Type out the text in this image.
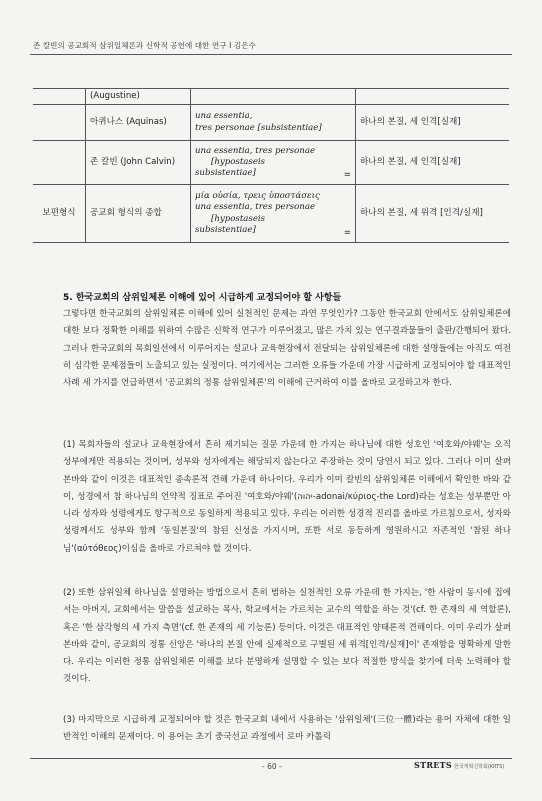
존 칼빈의 공교회적 삼위일체론과 신학적 공헌에 대한 연구 Ⅰ 김은수
	(Augustine)		
	아퀴나스 (Aquinas)	una essentia,
tres personae [subsistentiae]	하나의 본질, 세 인격[실재]
	존 칼빈 (John Calvin)	una essentia, tres personae
[hypostaseis
subsistentiae] =	하나의 본질, 세 인격[실재]
보편형식	공교회 형식의 종합	μία οὐσία, τρεις ὑποστάσεις
una essentia, tres personae
[hypostaseis
subsistentiae] =	하나의 본질, 세 위격 [인격/실재]
5. 한국교회의 삼위일체론 이해에 있어 시급하게 교정되어야 할 사항들

그렇다면 한국교회의 삼위일체론 이해에 있어 실천적인 문제는 과연 무엇인가? 그동안 한국교회 안에서도 삼위일체론에 대한 보다 정확한 이해를 위하여 수많은 신학적 연구가 이루어졌고, 많은 가치 있는 연구결과물들이 출판/간행되어 왔다. 그러나 한국교회의 목회일선에서 이루어지는 설교나 교육현장에서 전달되는 삼위일체론에 대한 설명들에는 아직도 여전히 심각한 문제점들이 노출되고 있는 실정이다. 여기에서는 그러한 오류들 가운데 가장 시급하게 교정되어야 할 대표적인 사례 세 가지를 언급하면서 '공교회의 정통 삼위일체론'의 이해에 근거하여 이를 올바로 교정하고자 한다.

(1) 목회자들의 설교나 교육현장에서 흔히 제기되는 질문 가운데 한 가지는 하나님에 대한 성호인 '여호와/야웨'는 오직 성부에게만 적용되는 것이며, 성부와 성자에게는 해당되지 않는다고 주장하는 것이 당연시 되고 있다. 그러나 이미 살펴 본바와 같이 이것은 대표적인 종속론적 견해 가운데 하나이다. 우리가 이미 칼빈의 삼위일체론 이해에서 확인한 바와 같이, 성경에서 참 하나님의 언약적 징표로 주어진 '여호와/야웨'(יהוה-adonai/κύριος-the Lord)라는 성호는 성부뿐만 아니라 성자와 성령에게도 항구적으로 동일하게 적용되고 있다. 우리는 이러한 성경적 진리를 올바로 가르침으로서, 성자와 성령께서도 성부와 함께 '동일본질'의 참된 신성을 가지시며, 또한 서로 동등하게 영원하시고 자존적인 '참된 하나님'(αὐτόθεος)이심을 올바로 가르쳐야 할 것이다.

(2) 또한 삼위일체 하나님을 설명하는 방법으로서 흔히 범하는 실천적인 오류 가운데 한 가지는, '한 사람이 동시에 집에서는 아버지, 교회에서는 말씀을 설교하는 목사, 학교에서는 가르치는 교수의 역할을 하는 것'(cf. 한 존재의 세 역할론), 혹은 '한 삼각형의 세 가지 측면'(cf. 한 존재의 세 기능론) 등이다. 이것은 대표적인 양태론적 견해이다. 이미 우리가 살펴 본바와 같이, 공교회의 정통 신앙은 '하나의 본질 안에 실제적으로 구별된 세 위격[인격/실재]이' 존재함을 명확하게 말한다. 우리는 이러한 정통 삼위일체론 이해를 보다 분명하게 설명할 수 있는 보다 적절한 방식을 찾기에 더욱 노력해야 할 것이다.

(3) 마지막으로 시급하게 교정되어야 할 것은 한국교회 내에서 사용하는 '삼위일체'(三位一體)라는 용어 자체에 대한 일반적인 이해의 문제이다. 이 용어는 초기 중국선교 과정에서 로마 카톨릭

- 60 -	STRETS 한국개혁신학회(KRTS)
